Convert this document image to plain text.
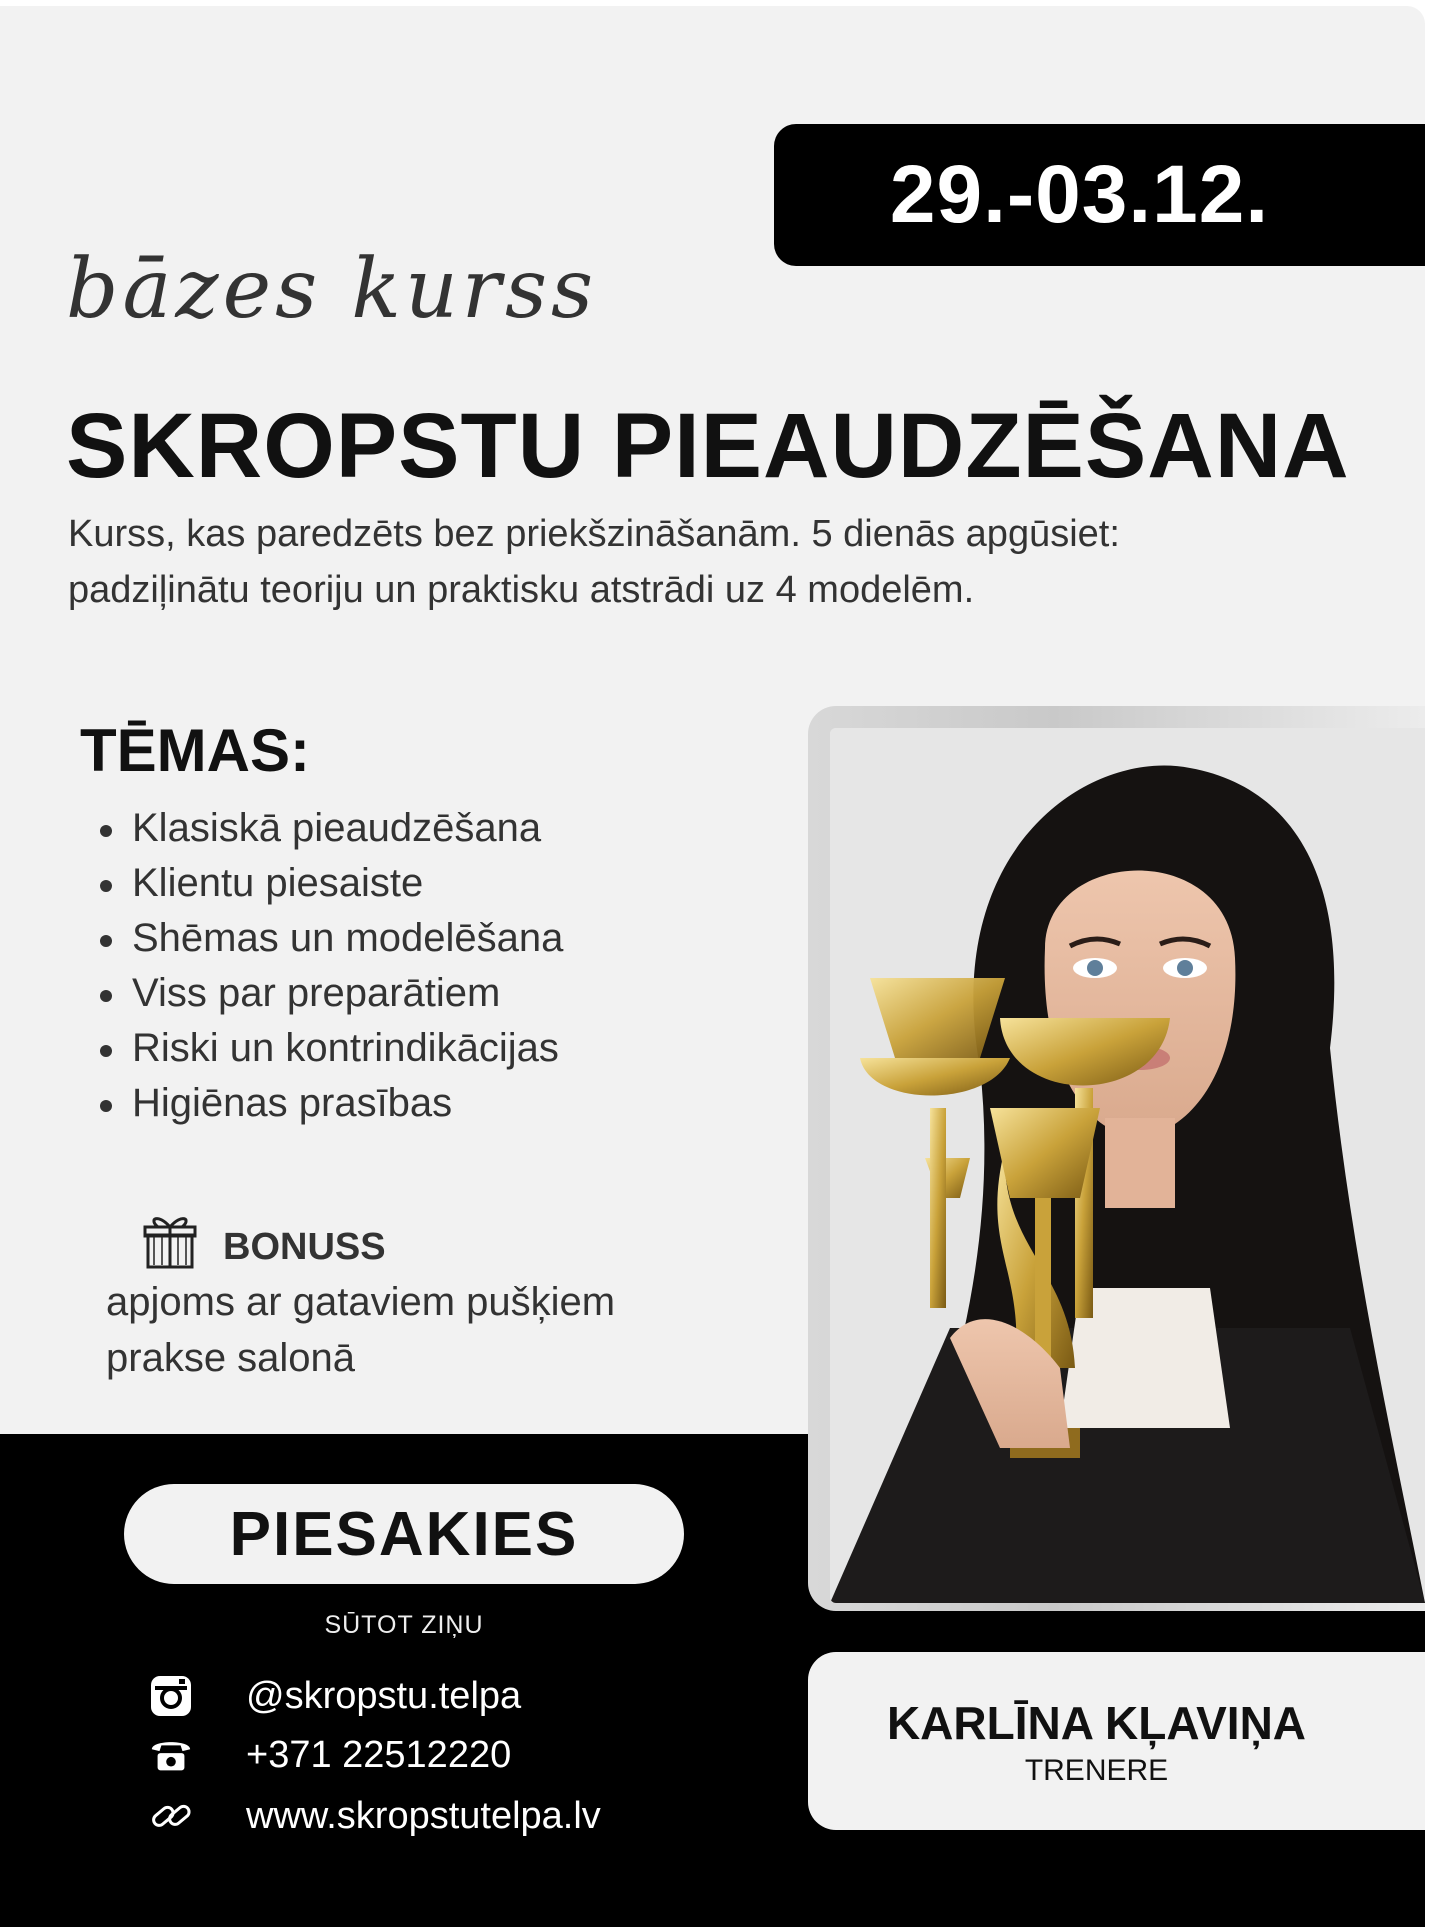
29.-03.12.
bāzes kurss
SKROPSTU PIEAUDZĒŠANA
Kurss, kas paredzēts bez priekšzināšanām. 5 dienās apgūsiet:
padziļinātu teoriju un praktisku atstrādi uz 4 modelēm.
TĒMAS:
Klasiskā pieaudzēšana
Klientu piesaiste
Shēmas un modelēšana
Viss par preparātiem
Riski un kontrindikācijas
Higiēnas prasības
BONUSS
apjoms ar gataviem pušķiem
prakse salonā
PIESAKIES
SŪTOT ZIŅU
@skropstu.telpa
+371 22512220
www.skropstutelpa.lv
KARLĪNA KĻAVIŅA
TRENERE
